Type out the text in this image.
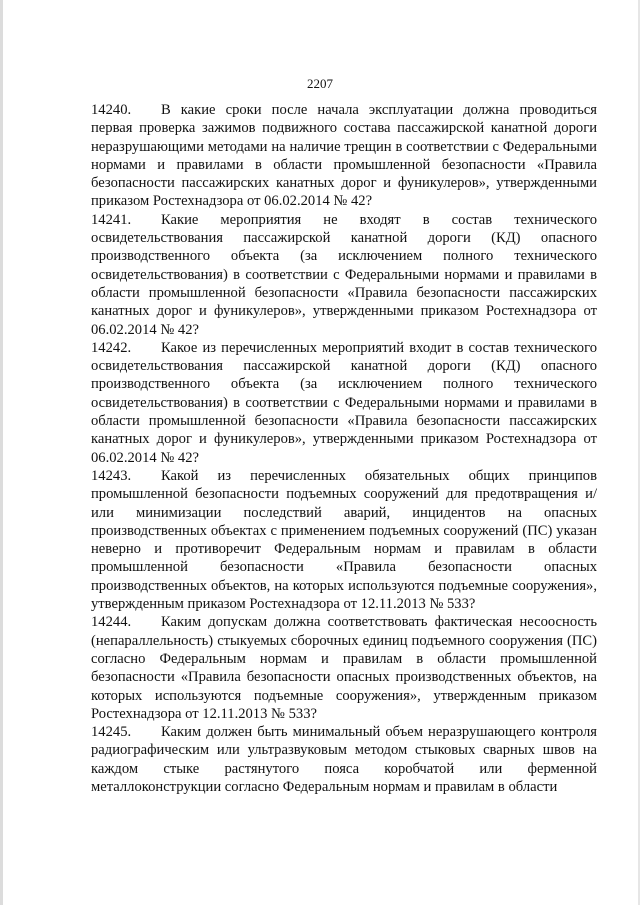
2207

14240. В какие сроки после начала эксплуатации должна проводиться первая проверка зажимов подвижного состава пассажирской канатной дороги неразрушающими методами на наличие трещин в соответствии с Федеральными нормами и правилами в области промышленной безопасности «Правила безопасности пассажирских канатных дорог и фуникулеров», утвержденными приказом Ростехнадзора от 06.02.2014 № 42?

14241. Какие мероприятия не входят в состав технического освидетельствования пассажирской канатной дороги (КД) опасного производственного объекта (за исключением полного технического освидетельствования) в соответствии с Федеральными нормами и правилами в области промышленной безопасности «Правила безопасности пассажирских канатных дорог и фуникулеров», утвержденными приказом Ростехнадзора от 06.02.2014 № 42?

14242. Какое из перечисленных мероприятий входит в состав технического освидетельствования пассажирской канатной дороги (КД) опасного производственного объекта (за исключением полного технического освидетельствования) в соответствии с Федеральными нормами и правилами в области промышленной безопасности «Правила безопасности пассажирских канатных дорог и фуникулеров», утвержденными приказом Ростехнадзора от 06.02.2014 № 42?

14243. Какой из перечисленных обязательных общих принципов промышленной безопасности подъемных сооружений для предотвращения и/или минимизации последствий аварий, инцидентов на опасных производственных объектах с применением подъемных сооружений (ПС) указан неверно и противоречит Федеральным нормам и правилам в области промышленной безопасности «Правила безопасности опасных производственных объектов, на которых используются подъемные сооружения», утвержденным приказом Ростехнадзора от 12.11.2013 № 533?

14244. Каким допускам должна соответствовать фактическая несоосность (непараллельность) стыкуемых сборочных единиц подъемного сооружения (ПС) согласно Федеральным нормам и правилам в области промышленной безопасности «Правила безопасности опасных производственных объектов, на которых используются подъемные сооружения», утвержденным приказом Ростехнадзора от 12.11.2013 № 533?

14245. Каким должен быть минимальный объем неразрушающего контроля радиографическим или ультразвуковым методом стыковых сварных швов на каждом стыке растянутого пояса коробчатой или ферменной металлоконструкции согласно Федеральным нормам и правилам в области
